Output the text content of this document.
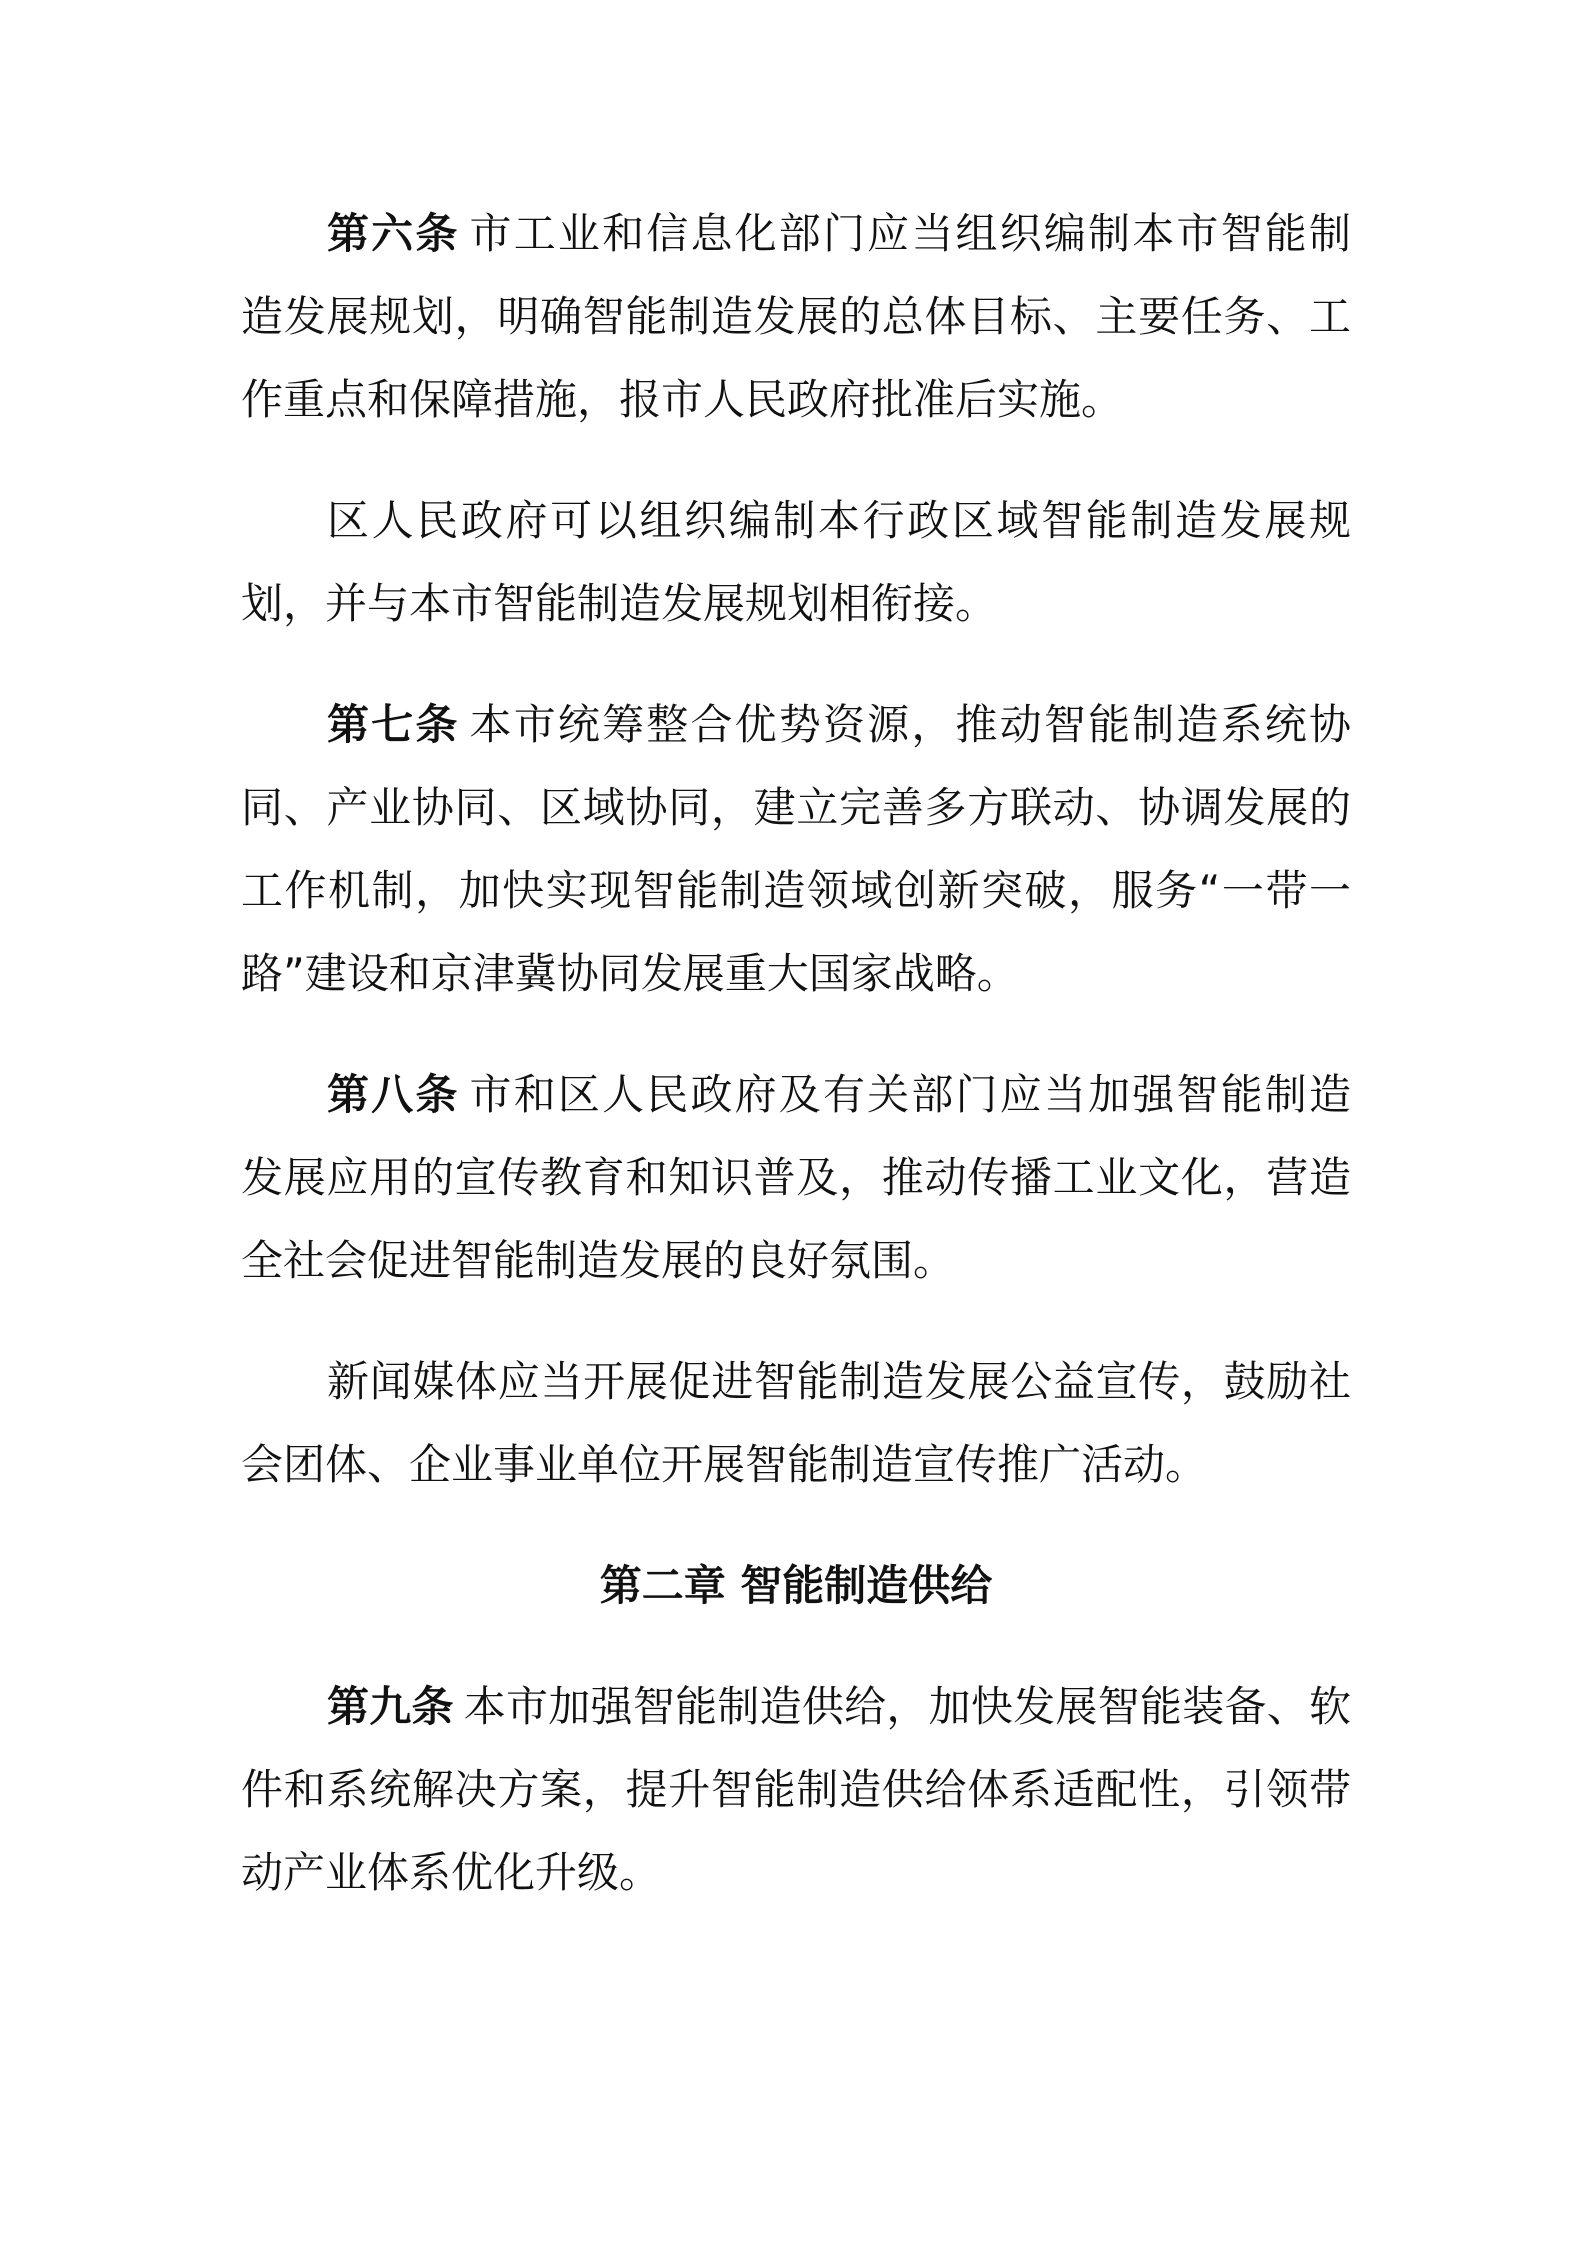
第六条 市工业和信息化部门应当组织编制本市智能制
造发展规划，明确智能制造发展的总体目标、主要任务、工
作重点和保障措施，报市人民政府批准后实施。
区人民政府可以组织编制本行政区域智能制造发展规
划，并与本市智能制造发展规划相衔接。
第七条 本市统筹整合优势资源，推动智能制造系统协
同、产业协同、区域协同，建立完善多方联动、协调发展的
工作机制，加快实现智能制造领域创新突破，服务“一带一
路”建设和京津冀协同发展重大国家战略。
第八条 市和区人民政府及有关部门应当加强智能制造
发展应用的宣传教育和知识普及，推动传播工业文化，营造
全社会促进智能制造发展的良好氛围。
新闻媒体应当开展促进智能制造发展公益宣传，鼓励社
会团体、企业事业单位开展智能制造宣传推广活动。
第二章 智能制造供给
第九条 本市加强智能制造供给，加快发展智能装备、软
件和系统解决方案，提升智能制造供给体系适配性，引领带
动产业体系优化升级。
